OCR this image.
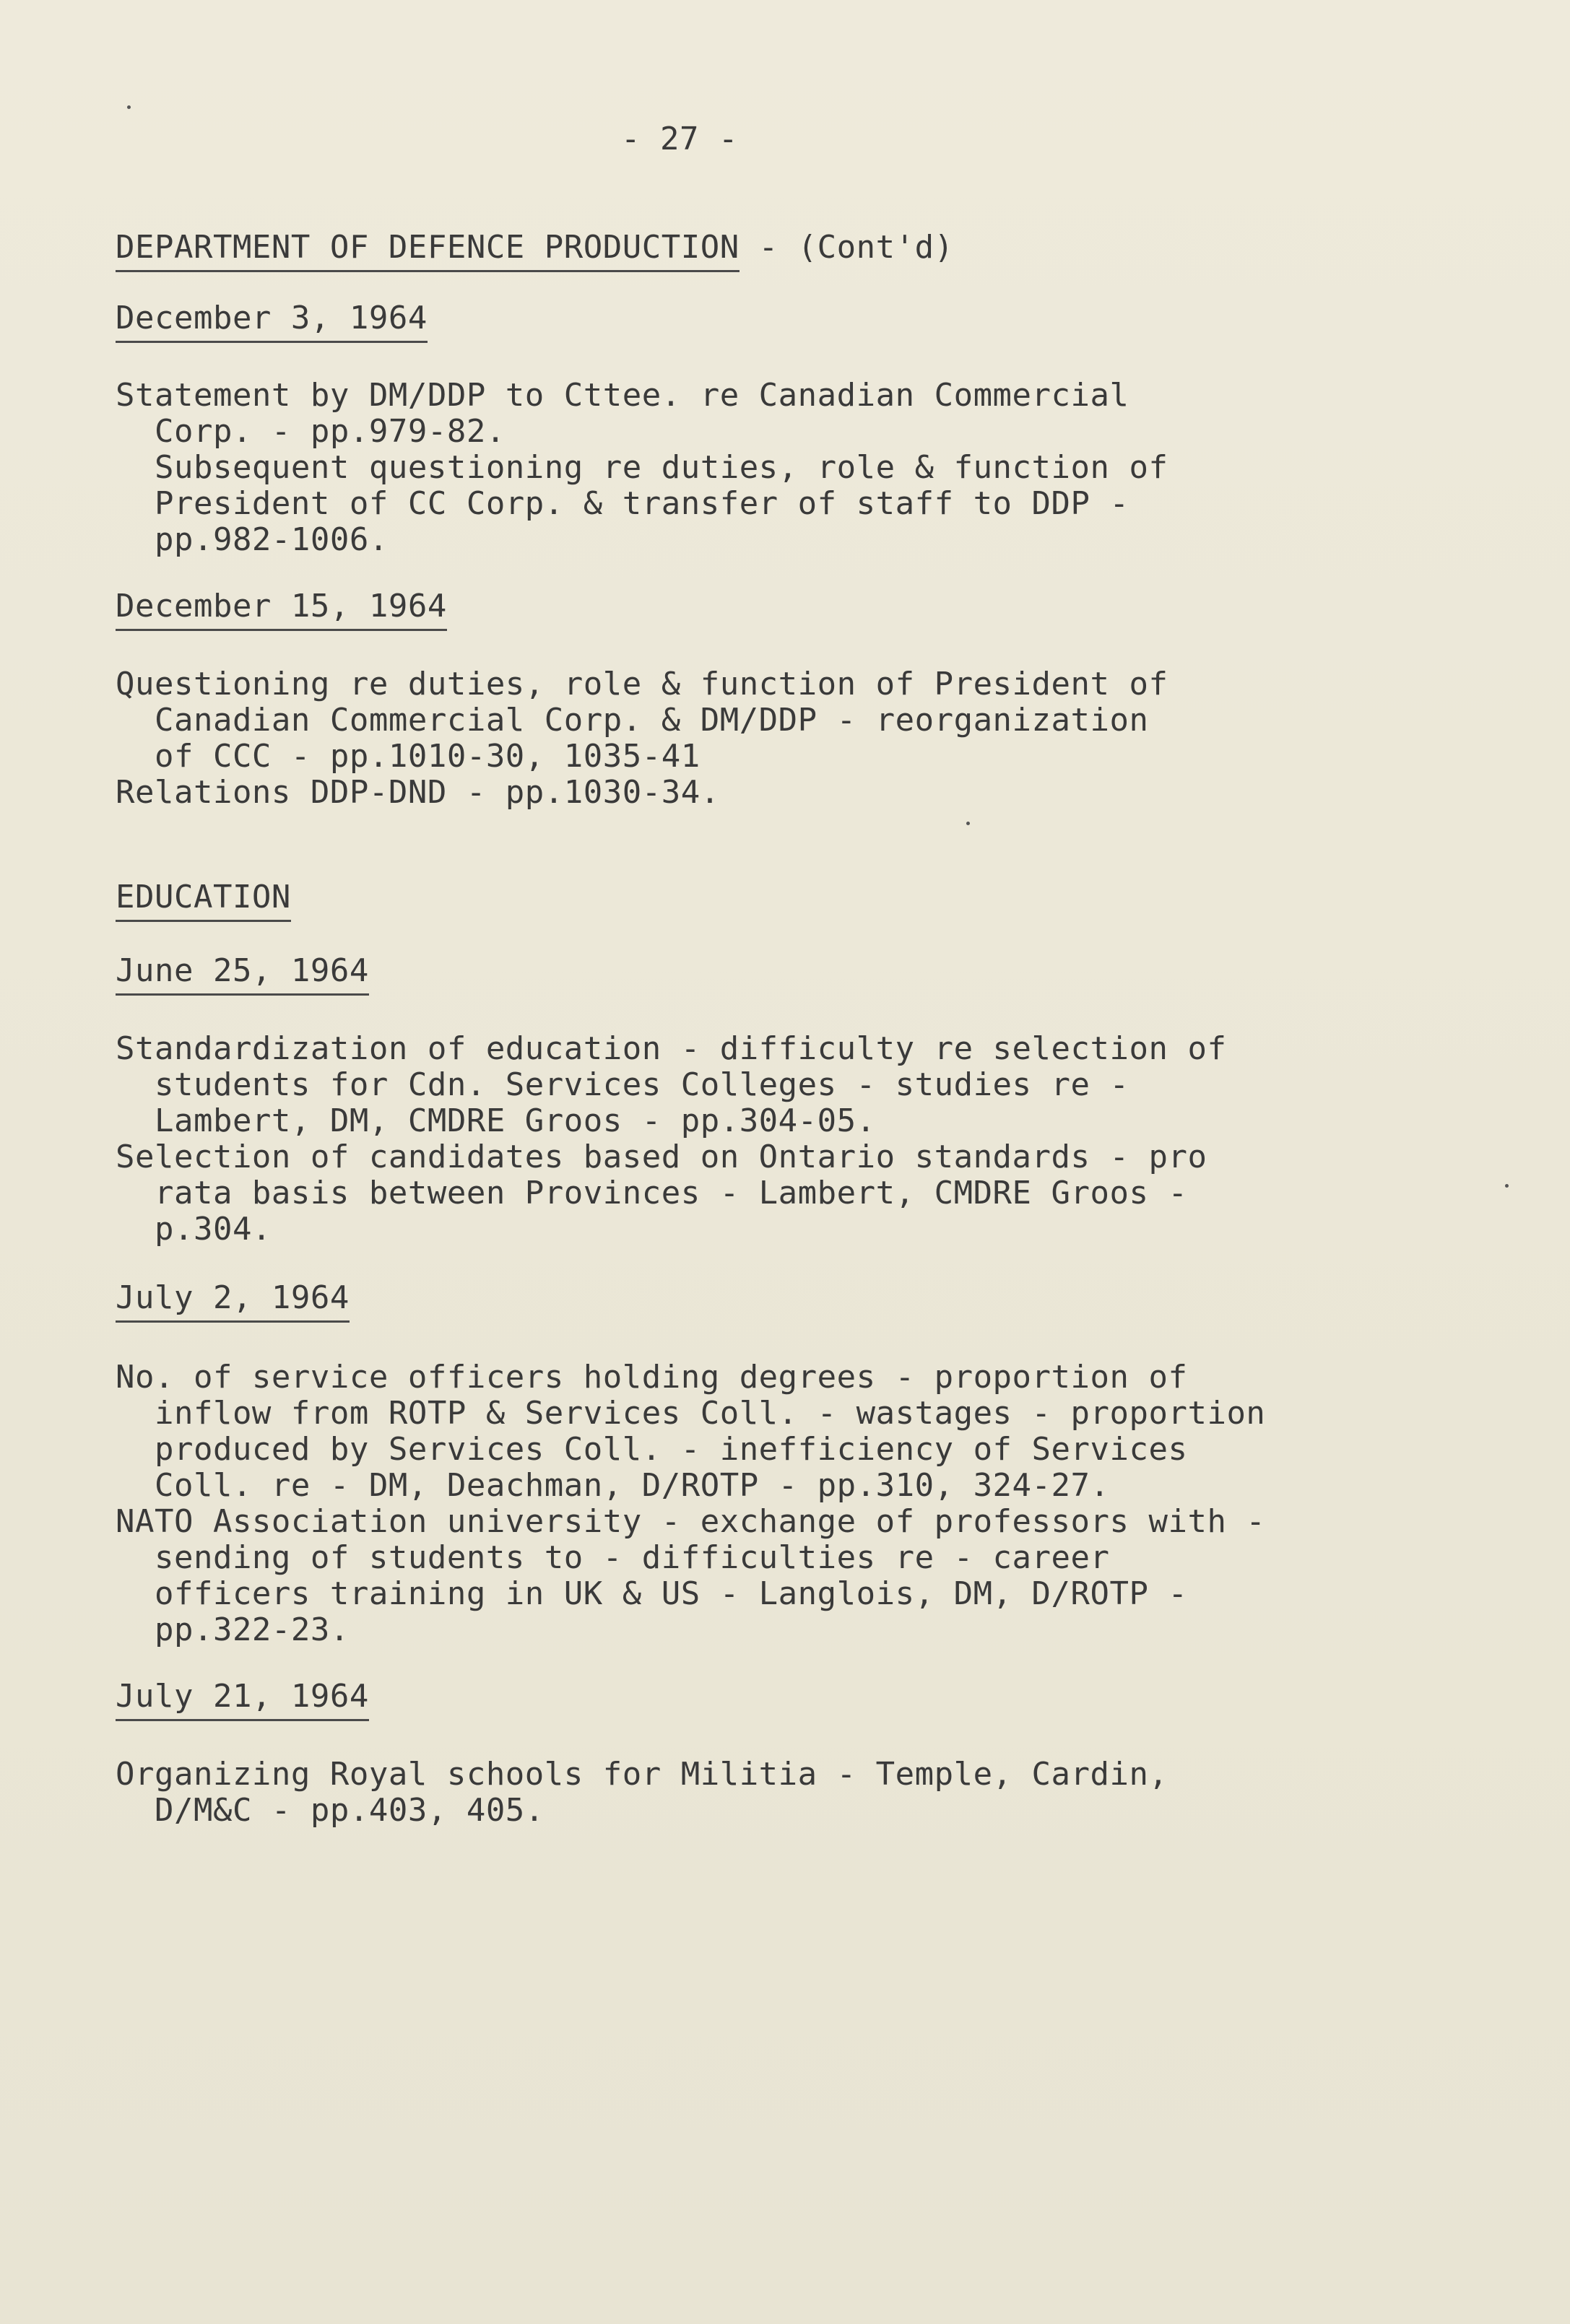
- 27 -
DEPARTMENT OF DEFENCE PRODUCTION - (Cont'd)
December 3, 1964
Statement by DM/DDP to Cttee. re Canadian Commercial
Corp. - pp.979-82.
Subsequent questioning re duties, role & function of
President of CC Corp. & transfer of staff to DDP -
pp.982-1006.
December 15, 1964
Questioning re duties, role & function of President of
Canadian Commercial Corp. & DM/DDP - reorganization
of CCC - pp.1010-30, 1035-41
Relations DDP-DND - pp.1030-34.
EDUCATION
June 25, 1964
Standardization of education - difficulty re selection of
students for Cdn. Services Colleges - studies re -
Lambert, DM, CMDRE Groos - pp.304-05.
Selection of candidates based on Ontario standards - pro
rata basis between Provinces - Lambert, CMDRE Groos -
p.304.
July 2, 1964
No. of service officers holding degrees - proportion of
inflow from ROTP & Services Coll. - wastages - proportion
produced by Services Coll. - inefficiency of Services
Coll. re - DM, Deachman, D/ROTP - pp.310, 324-27.
NATO Association university - exchange of professors with -
sending of students to - difficulties re - career
officers training in UK & US - Langlois, DM, D/ROTP -
pp.322-23.
July 21, 1964
Organizing Royal schools for Militia - Temple, Cardin,
D/M&C - pp.403, 405.
